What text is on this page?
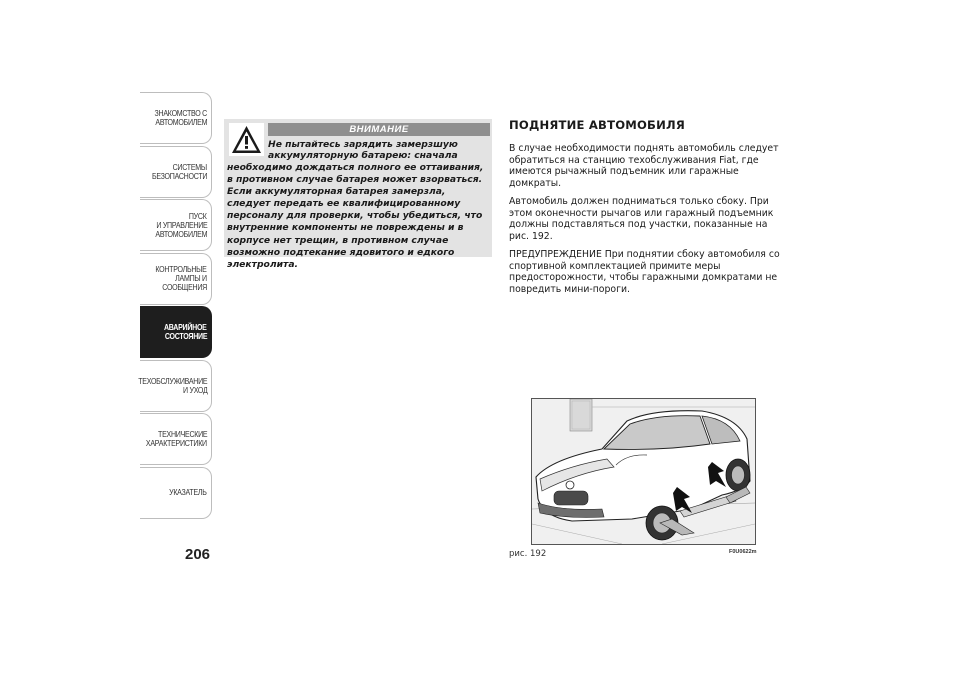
ЗНАКОМСТВО С
АВТОМОБИЛЕМ
СИСТЕМЫ
БЕЗОПАСНОСТИ
ПУСК
И УПРАВЛЕНИЕ
АВТОМОБИЛЕМ
КОНТРОЛЬНЫЕ
ЛАМПЫ И
СООБЩЕНИЯ
АВАРИЙНОЕ
СОСТОЯНИЕ
ТЕХОБСЛУЖИВАНИЕ
И УХОД
ТЕХНИЧЕСКИЕ
ХАРАКТЕРИСТИКИ
УКАЗАТЕЛЬ
206
ВНИМАНИЕ
Не пытайтесь зарядить замерзшую аккумуляторную батарею: сначала
необходимо дождаться полного ее оттаивания, в противном случае батарея может взорваться. Если аккумуляторная батарея замерзла, следует передать ее квалифицированному персоналу для проверки, чтобы убедиться, что внутренние компоненты не повреждены и в корпусе нет трещин, в противном случае возможно подтекание ядовитого и едкого электролита.
ПОДНЯТИЕ АВТОМОБИЛЯ

В случае необходимости поднять автомобиль следует обратиться на станцию техобслуживания Fiat, где имеются рычажный подъемник или гаражные домкраты.

Автомобиль должен подниматься только сбоку. При этом оконечности рычагов или гаражный подъемник должны подставляться под участки, показанные на рис. 192.

ПРЕДУПРЕЖДЕНИЕ При поднятии сбоку автомобиля со спортивной комплектацией примите меры предосторожности, чтобы гаражными домкратами не повредить мини-пороги.

рис. 192	F0U0622m
